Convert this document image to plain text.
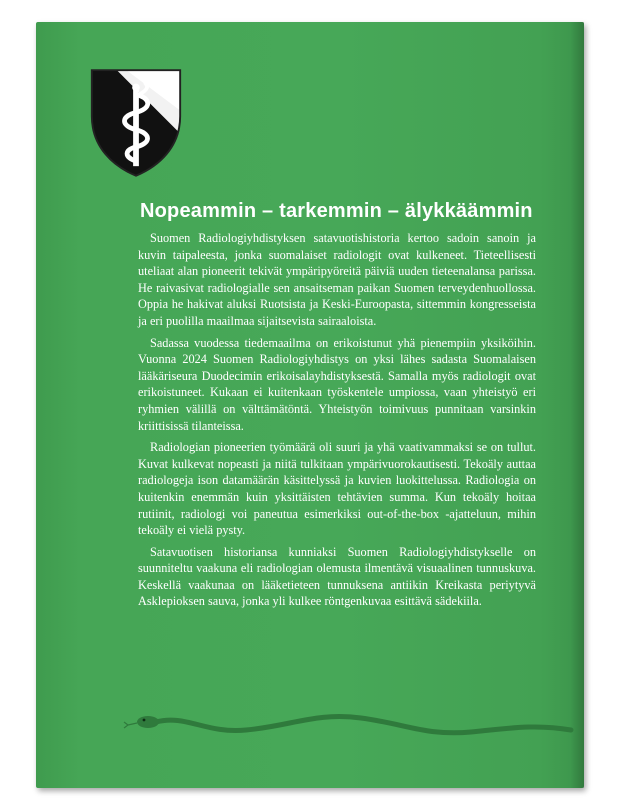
Nopeammin – tarkemmin – älykkäämmin

Suomen Radiologiyhdistyksen satavuotishistoria kertoo sadoin sanoin ja kuvin taipaleesta, jonka suomalaiset radiologit ovat kulkeneet. Tieteellisesti uteliaat alan pioneerit tekivät ympäripyöreitä päiviä uuden tieteenalansa parissa. He raivasivat radiologialle sen ansaitseman paikan Suomen terveydenhuollossa. Oppia he hakivat aluksi Ruotsista ja Keski-Euroopasta, sittemmin kongresseista ja eri puolilla maailmaa sijaitsevista sairaaloista.

Sadassa vuodessa tiedemaailma on erikoistunut yhä pienempiin yksiköihin. Vuonna 2024 Suomen Radiologiyhdistys on yksi lähes sadasta Suomalaisen lääkäriseura Duodecimin erikoisalayhdistyksestä. Samalla myös radiologit ovat erikoistuneet. Kukaan ei kuitenkaan työskentele umpiossa, vaan yhteistyö eri ryhmien välillä on välttämätöntä. Yhteistyön toimivuus punnitaan varsinkin kriittisissä tilanteissa.

Radiologian pioneerien työmäärä oli suuri ja yhä vaativammaksi se on tullut. Kuvat kulkevat nopeasti ja niitä tulkitaan ympärivuorokautisesti. Tekoäly auttaa radiologeja ison datamäärän käsittelyssä ja kuvien luokittelussa. Radiologia on kuitenkin enemmän kuin yksittäisten tehtävien summa. Kun tekoäly hoitaa rutiinit, radiologi voi paneutua esimerkiksi out-of-the-box -ajatteluun, mihin tekoäly ei vielä pysty.

Satavuotisen historiansa kunniaksi Suomen Radiologiyhdistykselle on suunniteltu vaakuna eli radiologian olemusta ilmentävä visuaalinen tunnuskuva. Keskellä vaakunaa on lääketieteen tunnuksena antiikin Kreikasta periytyvä Asklepioksen sauva, jonka yli kulkee röntgenkuvaa esittävä sädekiila.
